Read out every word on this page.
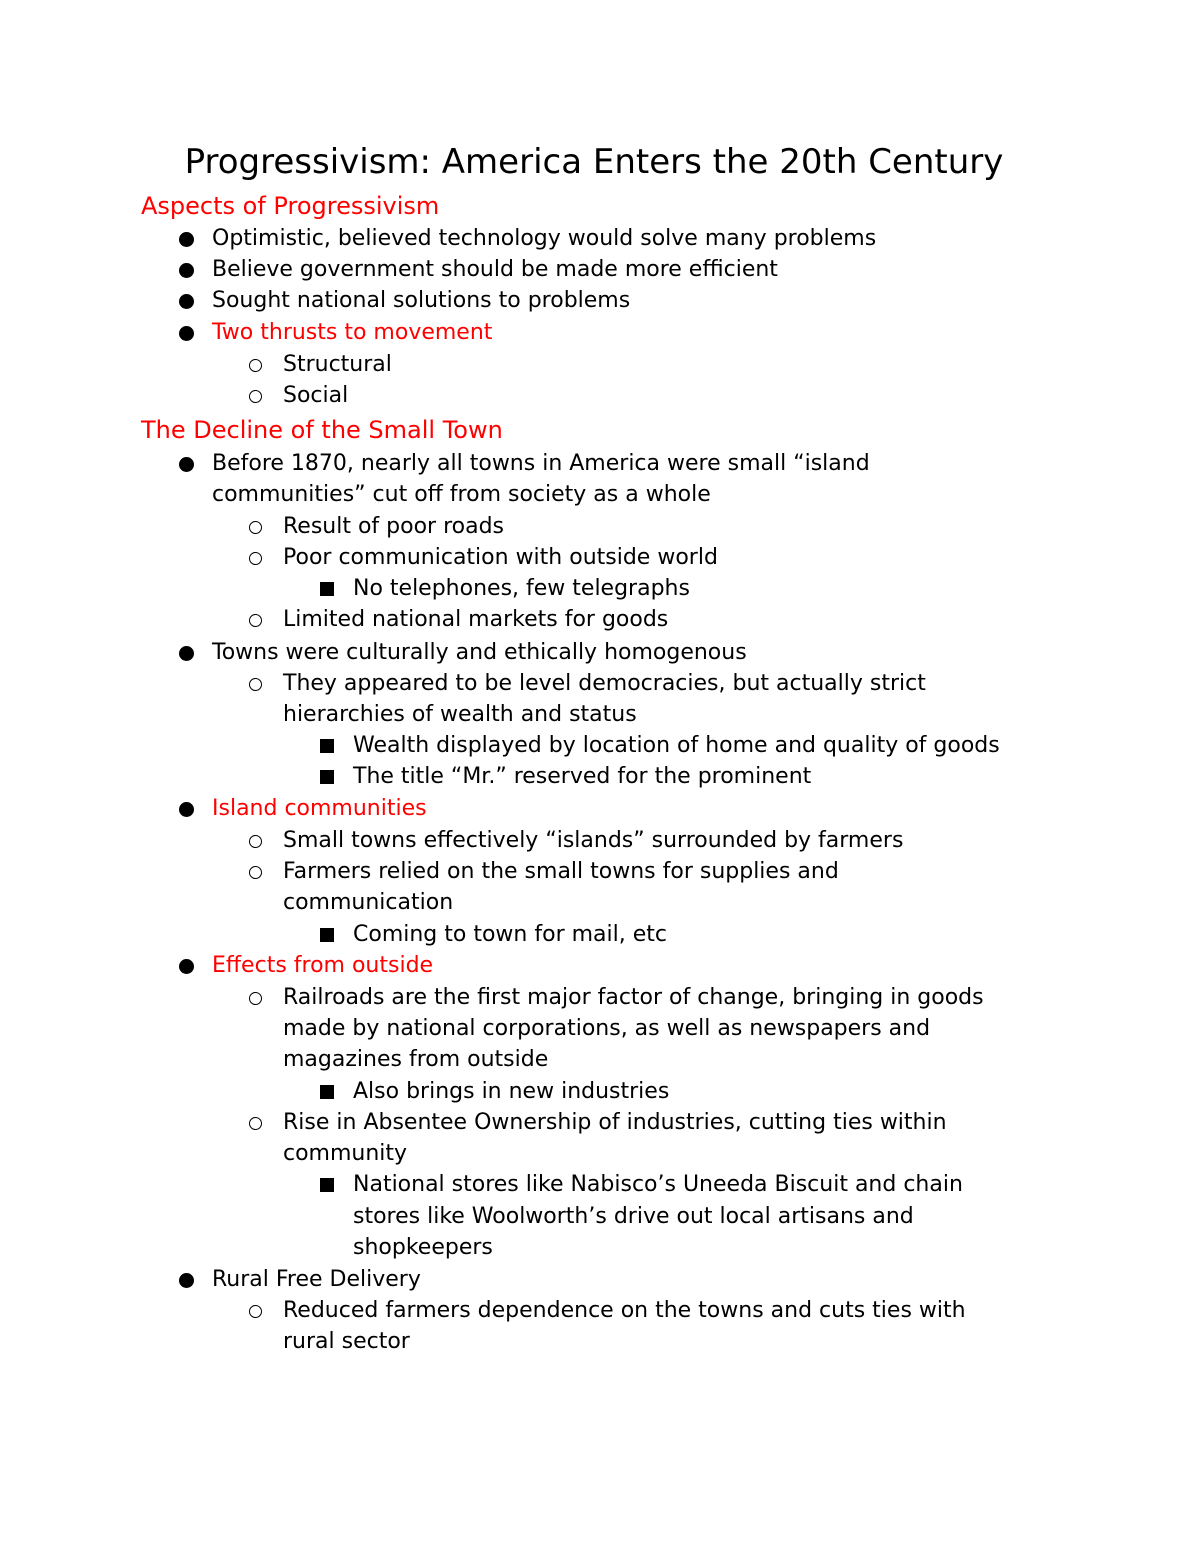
Progressivism: America Enters the 20th Century
Aspects of Progressivism
Optimistic, believed technology would solve many problems
Believe government should be made more efficient
Sought national solutions to problems
Two thrusts to movement
Structural
Social
The Decline of the Small Town
Before 1870, nearly all towns in America were small “island
communities” cut off from society as a whole
Result of poor roads
Poor communication with outside world
No telephones, few telegraphs
Limited national markets for goods
Towns were culturally and ethically homogenous
They appeared to be level democracies, but actually strict
hierarchies of wealth and status
Wealth displayed by location of home and quality of goods
The title “Mr.” reserved for the prominent
Island communities
Small towns effectively “islands” surrounded by farmers
Farmers relied on the small towns for supplies and
communication
Coming to town for mail, etc
Effects from outside
Railroads are the first major factor of change, bringing in goods
made by national corporations, as well as newspapers and
magazines from outside
Also brings in new industries
Rise in Absentee Ownership of industries, cutting ties within
community
National stores like Nabisco’s Uneeda Biscuit and chain
stores like Woolworth’s drive out local artisans and
shopkeepers
Rural Free Delivery
Reduced farmers dependence on the towns and cuts ties with
rural sector
